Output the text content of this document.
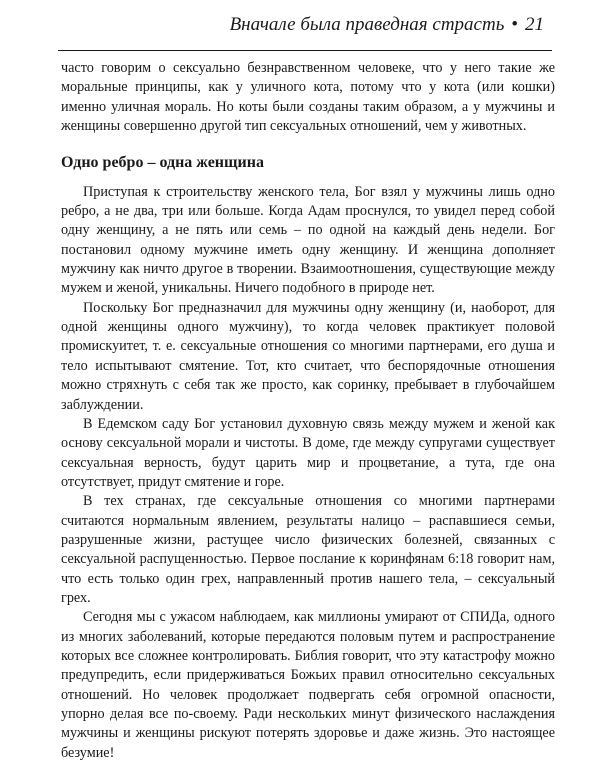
Вначале была праведная страсть • 21

часто говорим о сексуально безнравственном человеке, что у него такие же моральные принципы, как у уличного кота, потому что у кота (или кошки) именно уличная мораль. Но коты были созданы таким образом, а у мужчины и женщины совершенно другой тип сексуальных отношений, чем у животных.

Одно ребро – одна женщина

Приступая к строительству женского тела, Бог взял у мужчины лишь одно ребро, а не два, три или больше. Когда Адам проснулся, то увидел перед собой одну женщину, а не пять или семь – по одной на каждый день недели. Бог постановил одному мужчине иметь одну женщину. И женщина дополняет мужчину как ничто другое в творении. Взаимоотношения, существующие между мужем и женой, уникальны. Ничего подобного в природе нет.

Поскольку Бог предназначил для мужчины одну женщину (и, наоборот, для одной женщины одного мужчину), то когда человек практикует половой промискуитет, т. е. сексуальные отношения со многими партнерами, его душа и тело испытывают смятение. Тот, кто считает, что беспорядочные отношения можно стряхнуть с себя так же просто, как соринку, пребывает в глубочайшем заблуждении.

В Едемском саду Бог установил духовную связь между мужем и женой как основу сексуальной морали и чистоты. В доме, где между супругами существует сексуальная верность, будут царить мир и процветание, а тута, где она отсутствует, придут смятение и горе.

В тех странах, где сексуальные отношения со многими партнерами считаются нормальным явлением, результаты налицо – распавшиеся семьи, разрушенные жизни, растущее число физических болезней, связанных с сексуальной распущенностью. Первое послание к коринфянам 6:18 говорит нам, что есть только один грех, направленный против нашего тела, – сексуальный грех.

Сегодня мы с ужасом наблюдаем, как миллионы умирают от СПИДа, одного из многих заболеваний, которые передаются половым путем и распространение которых все сложнее контролировать. Библия говорит, что эту катастрофу можно предупредить, если придерживаться Божьих правил относительно сексуальных отношений. Но человек продолжает подвергать себя огромной опасности, упорно делая все по-своему. Ради нескольких минут физического наслаждения мужчины и женщины рискуют потерять здоровье и даже жизнь. Это настоящее безумие!
